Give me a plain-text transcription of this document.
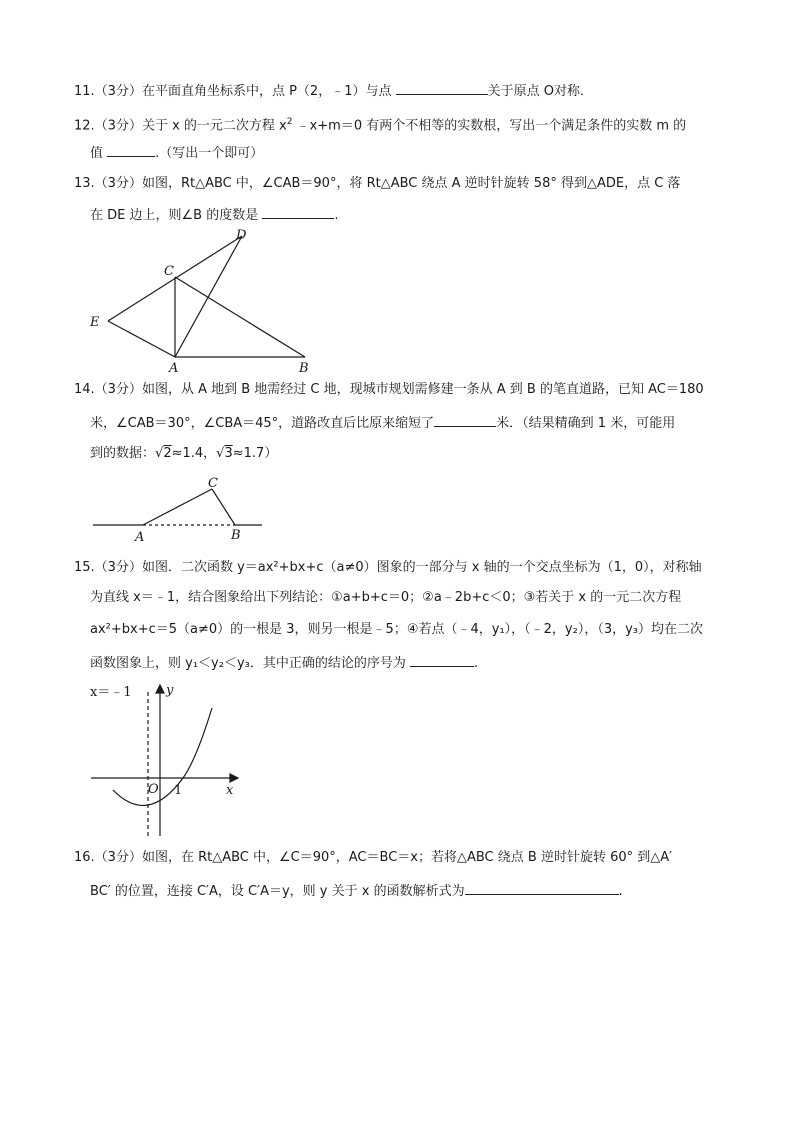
11.（3分）在平面直角坐标系中，点 P（2，﹣1）与点	关于原点 O对称．
12.（3分）关于 x 的一元二次方程 $x^2$ ﹣x+m＝0 有两个不相等的实数根，写出一个满足条件的实数 m 的
值	.（写出一个即可）
13.（3分）如图，Rt△ABC 中，∠CAB＝90°，将 Rt△ABC 绕点 A 逆时针旋转 58° 得到△ADE，点 C 落
在 DE 边上，则∠B 的度数是	.
D
C
E
A	B
14.（3分）如图，从 A 地到 B 地需经过 C 地，现城市规划需修建一条从 A 到 B 的笔直道路，已知 AC＝180
米，∠CAB＝30°，∠CBA＝45°，道路改直后比原来缩短了	米．（结果精确到 1 米，可能用
到的数据：√2≈1.4，√3≈1.7）
C
A	B
15.（3分）如图．二次函数 y＝ax²+bx+c（a≠0）图象的一部分与 x 轴的一个交点坐标为（1，0），对称轴
为直线 x＝﹣1，结合图象给出下列结论：①a+b+c＝0；②a﹣2b+c＜0；③若关于 x 的一元二次方程
ax²+bx+c＝5（a≠0）的一根是 3，则另一根是﹣5；④若点（﹣4，y₁），（﹣2，y₂），（3，y₃）均在二次
函数图象上，则 y₁＜y₂＜y₃．其中正确的结论的序号为	.
x＝﹣1	y
x
O 1
16.（3分）如图，在 Rt△ABC 中，∠C＝90°，AC＝BC＝x；若将△ABC 绕点 B 逆时针旋转 60° 到△A′
BC′ 的位置，连接 C′A，设 C′A＝y，则 y 关于 x 的函数解析式为	.
